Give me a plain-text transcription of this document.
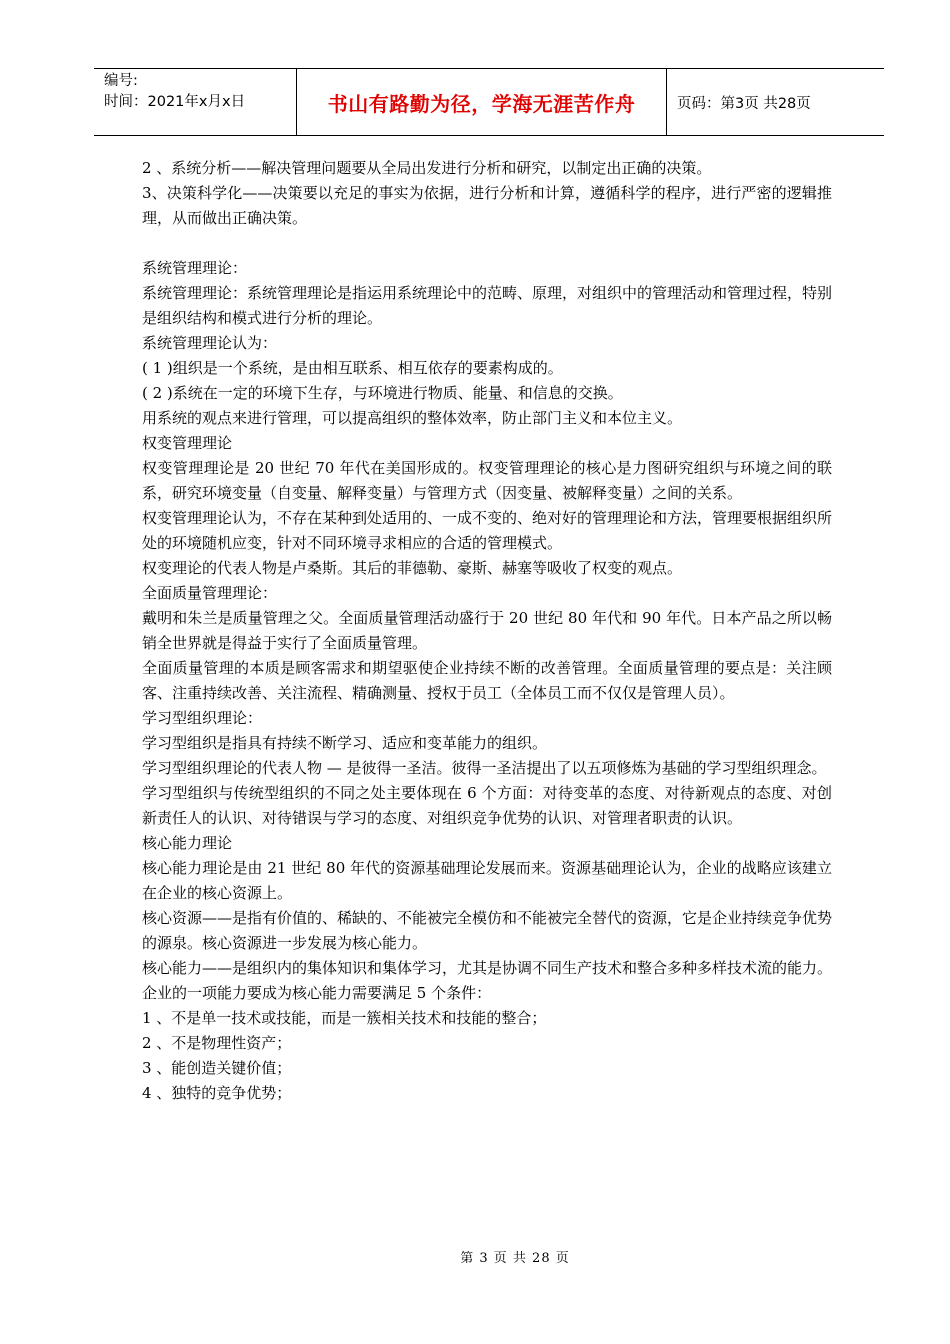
编号:
时间：2021年x月x日	书山有路勤为径，学海无涯苦作舟	页码：第3页 共28页

2 、系统分析——解决管理问题要从全局出发进行分析和研究，以制定出正确的决策。

3、决策科学化——决策要以充足的事实为依据，进行分析和计算，遵循科学的程序，进行严密的逻辑推理，从而做出正确决策。

系统管理理论：

系统管理理论：系统管理理论是指运用系统理论中的范畴、原理，对组织中的管理活动和管理过程，特别是组织结构和模式进行分析的理论。

系统管理理论认为：

( 1 )组织是一个系统，是由相互联系、相互依存的要素构成的。

( 2 )系统在一定的环境下生存，与环境进行物质、能量、和信息的交换。

用系统的观点来进行管理，可以提高组织的整体效率，防止部门主义和本位主义。

权变管理理论

权变管理理论是 20 世纪 70 年代在美国形成的。权变管理理论的核心是力图研究组织与环境之间的联系，研究环境变量（自变量、解释变量）与管理方式（因变量、被解释变量）之间的关系。

权变管理理论认为，不存在某种到处适用的、一成不变的、绝对好的管理理论和方法，管理要根据组织所处的环境随机应变，针对不同环境寻求相应的合适的管理模式。

权变理论的代表人物是卢桑斯。其后的菲德勒、豪斯、赫塞等吸收了权变的观点。

全面质量管理理论：

戴明和朱兰是质量管理之父。全面质量管理活动盛行于 20 世纪 80 年代和 90 年代。日本产品之所以畅销全世界就是得益于实行了全面质量管理。

全面质量管理的本质是顾客需求和期望驱使企业持续不断的改善管理。全面质量管理的要点是：关注顾客、注重持续改善、关注流程、精确测量、授权于员工（全体员工而不仅仅是管理人员）。

学习型组织理论：

学习型组织是指具有持续不断学习、适应和变革能力的组织。

学习型组织理论的代表人物 — 是彼得一圣洁。彼得一圣洁提出了以五项修炼为基础的学习型组织理念。

学习型组织与传统型组织的不同之处主要体现在 6 个方面：对待变革的态度、对待新观点的态度、对创新责任人的认识、对待错误与学习的态度、对组织竞争优势的认识、对管理者职责的认识。

核心能力理论

核心能力理论是由 21 世纪 80 年代的资源基础理论发展而来。资源基础理论认为，企业的战略应该建立在企业的核心资源上。

核心资源——是指有价值的、稀缺的、不能被完全模仿和不能被完全替代的资源，它是企业持续竞争优势的源泉。核心资源进一步发展为核心能力。

核心能力——是组织内的集体知识和集体学习，尤其是协调不同生产技术和整合多种多样技术流的能力。

企业的一项能力要成为核心能力需要满足 5 个条件：

1 、不是单一技术或技能，而是一簇相关技术和技能的整合；

2 、不是物理性资产；

3 、能创造关键价值；

4 、独特的竞争优势；

第 3 页 共 28 页
